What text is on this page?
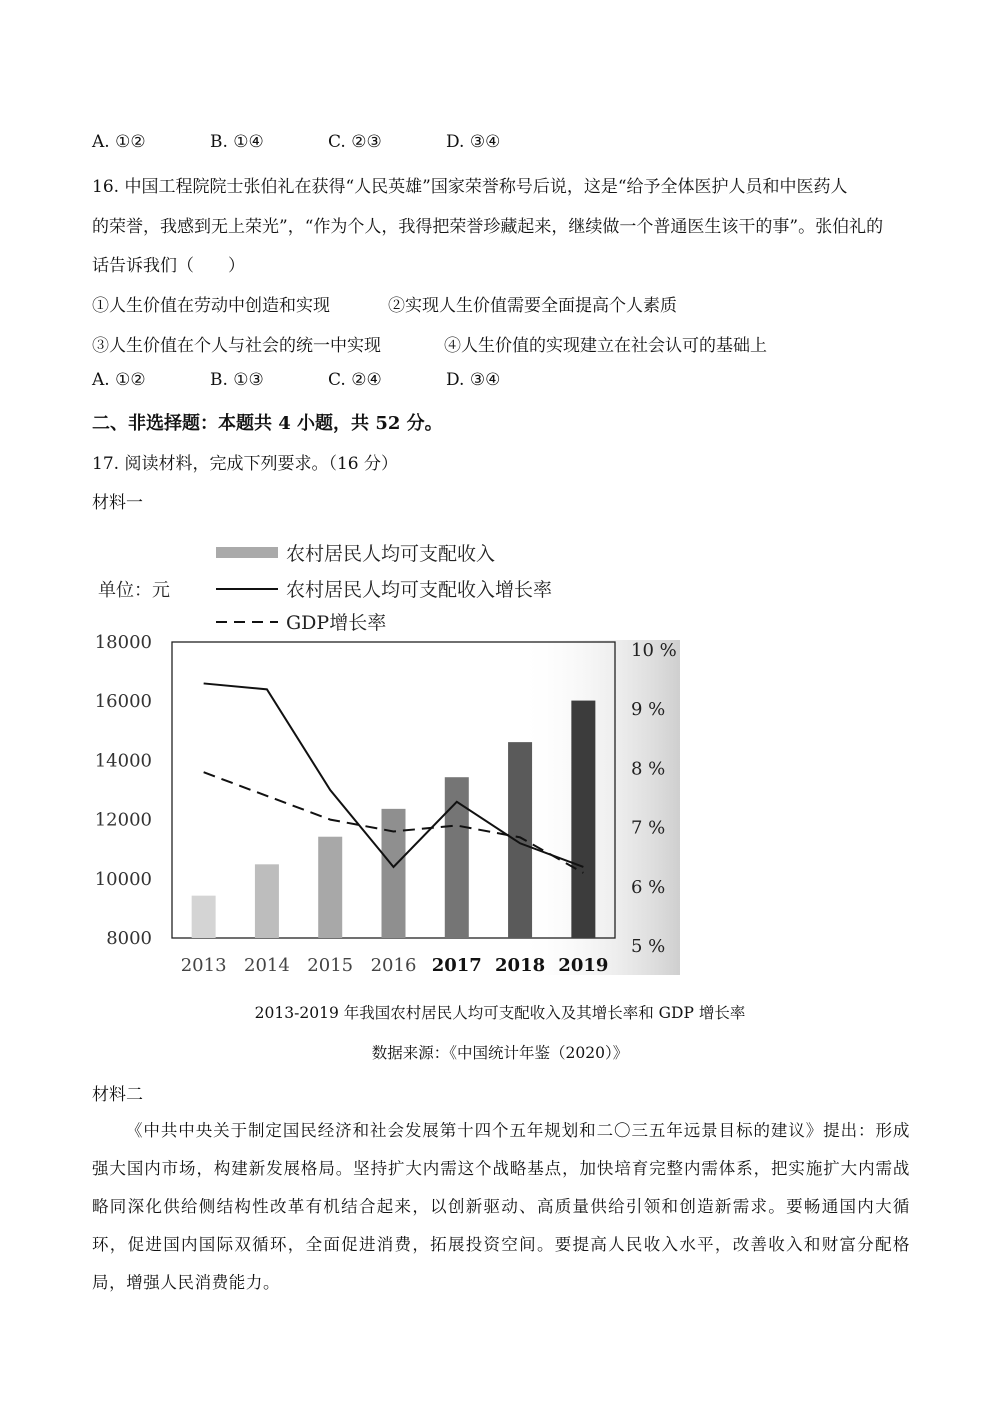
A. ①②	B. ①④	C. ②③	D. ③④
16. 中国工程院院士张伯礼在获得“人民英雄”国家荣誉称号后说，这是“给予全体医护人员和中医药人
的荣誉，我感到无上荣光”，“作为个人，我得把荣誉珍藏起来，继续做一个普通医生该干的事”。张伯礼的
话告诉我们（　　）
①人生价值在劳动中创造和实现	②实现人生价值需要全面提高个人素质
③人生价值在个人与社会的统一中实现	④人生价值的实现建立在社会认可的基础上
A. ①②	B. ①③	C. ②④	D. ③④
二、非选择题：本题共 4 小题，共 52 分。
17. 阅读材料，完成下列要求。（16 分）
材料一
18000
16000
14000
12000
10000
8000
10 %
9 %
8 %
7 %
6 %
5 %
2013 2014 2015 2016 2017 2018 2019
农村居民人均可支配收入
农村居民人均可支配收入增长率
GDP增长率
单位：元
2013-2019 年我国农村居民人均可支配收入及其增长率和 GDP 增长率
数据来源：《中国统计年鉴（2020）》
材料二
《中共中央关于制定国民经济和社会发展第十四个五年规划和二〇三五年远景目标的建议》提出：形成强大国内市场，构建新发展格局。坚持扩大内需这个战略基点，加快培育完整内需体系，把实施扩大内需战略同深化供给侧结构性改革有机结合起来，以创新驱动、高质量供给引领和创造新需求。要畅通国内大循环，促进国内国际双循环，全面促进消费，拓展投资空间。要提高人民收入水平，改善收入和财富分配格局，增强人民消费能力。
